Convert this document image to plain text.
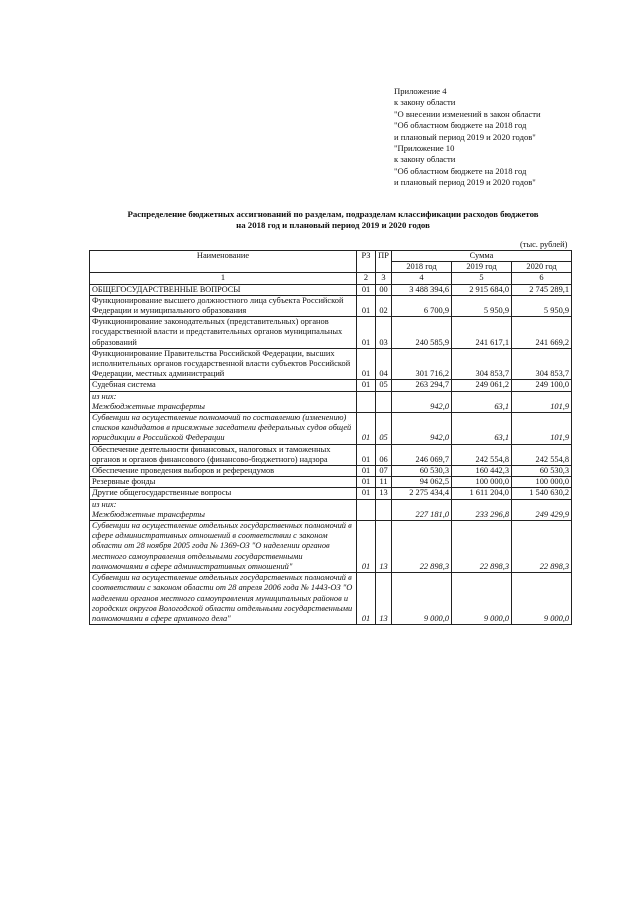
Приложение 4
к закону области
"О внесении изменений в закон области
"Об областном бюджете на 2018 год
и плановый период 2019 и 2020 годов"
"Приложение 10
к закону области
"Об областном бюджете на 2018 год
и плановый период 2019 и 2020 годов"
Распределение бюджетных ассигнований по разделам, подразделам классификации расходов бюджетов
на 2018 год и плановый период 2019 и 2020 годов
(тыс. рублей)
Наименование	РЗ	ПР	Сумма		
			2018 год	2019 год	2020 год
1	2	3	4	5	6
ОБЩЕГОСУДАРСТВЕННЫЕ ВОПРОСЫ	01	00	3 488 394,6	2 915 684,0	2 745 289,1
Функционирование высшего должностного лица субъекта Российской Федерации и муниципального образования	01	02	6 700,9	5 950,9	5 950,9
Функционирование законодательных (представительных) органов государственной власти и представительных органов муниципальных образований	01	03	240 585,9	241 617,1	241 669,2
Функционирование Правительства Российской Федерации, высших исполнительных органов государственной власти субъектов Российской Федерации, местных администраций	01	04	301 716,2	304 853,7	304 853,7
Судебная система	01	05	263 294,7	249 061,2	249 100,0

из них:
Межбюджетные трансферты			942,0	63,1	101,9
Субвенции на осуществление полномочий по составлению (изменению) списков кандидатов в присяжные заседатели федеральных судов общей юрисдикции в Российской Федерации	01	05	942,0	63,1	101,9
Обеспечение деятельности финансовых, налоговых и таможенных органов и органов финансового (финансово-бюджетного) надзора	01	06	246 069,7	242 554,8	242 554,8
Обеспечение проведения выборов и референдумов	01	07	60 530,3	160 442,3	60 530,3
Резервные фонды	01	11	94 062,5	100 000,0	100 000,0
Другие общегосударственные вопросы	01	13	2 275 434,4	1 611 204,0	1 540 630,2

из них:
Межбюджетные трансферты			227 181,0	233 296,8	249 429,9
Субвенции на осуществление отдельных государственных полномочий в сфере административных отношений в соответствии с законом области от 28 ноября 2005 года № 1369-ОЗ "О наделении органов местного самоуправления отдельными государственными полномочиями в сфере административных отношений"	01	13	22 898,3	22 898,3	22 898,3
Субвенции на осуществление отдельных государственных полномочий в соответствии с законом области от 28 апреля 2006 года № 1443-ОЗ "О наделении органов местного самоуправления муниципальных районов и городских округов Вологодской области отдельными государственными полномочиями в сфере архивного дела"	01	13	9 000,0	9 000,0	9 000,0
